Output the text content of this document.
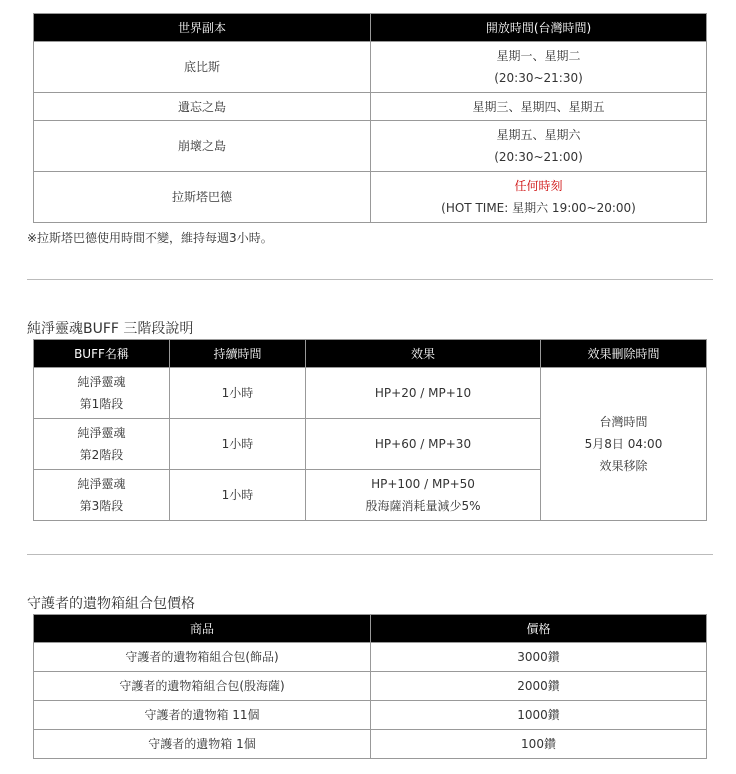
世界副本	開放時間(台灣時間)
底比斯	星期一、星期二
(20:30~21:30)

遺忘之島	星期三、星期四、星期五

崩壞之島	星期五、星期六
(20:30~21:00)

拉斯塔巴德	任何時刻
(HOT TIME: 星期六 19:00~20:00)
※拉斯塔巴德使用時間不變，維持每週3小時。
純淨靈魂BUFF 三階段說明
BUFF名稱	持續時間	效果	效果刪除時間

純淨靈魂
第1階段	1小時	HP+20 / MP+10	台灣時間
5月8日 04:00
效果移除

純淨靈魂
第2階段	1小時	HP+60 / MP+30	

純淨靈魂
第3階段	1小時	HP+100 / MP+50
殷海薩消耗量減少5%	
守護者的遺物箱組合包價格
商品	價格
守護者的遺物箱組合包(飾品)	3000鑽
守護者的遺物箱組合包(殷海薩)	2000鑽
守護者的遺物箱 11個	1000鑽
守護者的遺物箱 1個	100鑽
